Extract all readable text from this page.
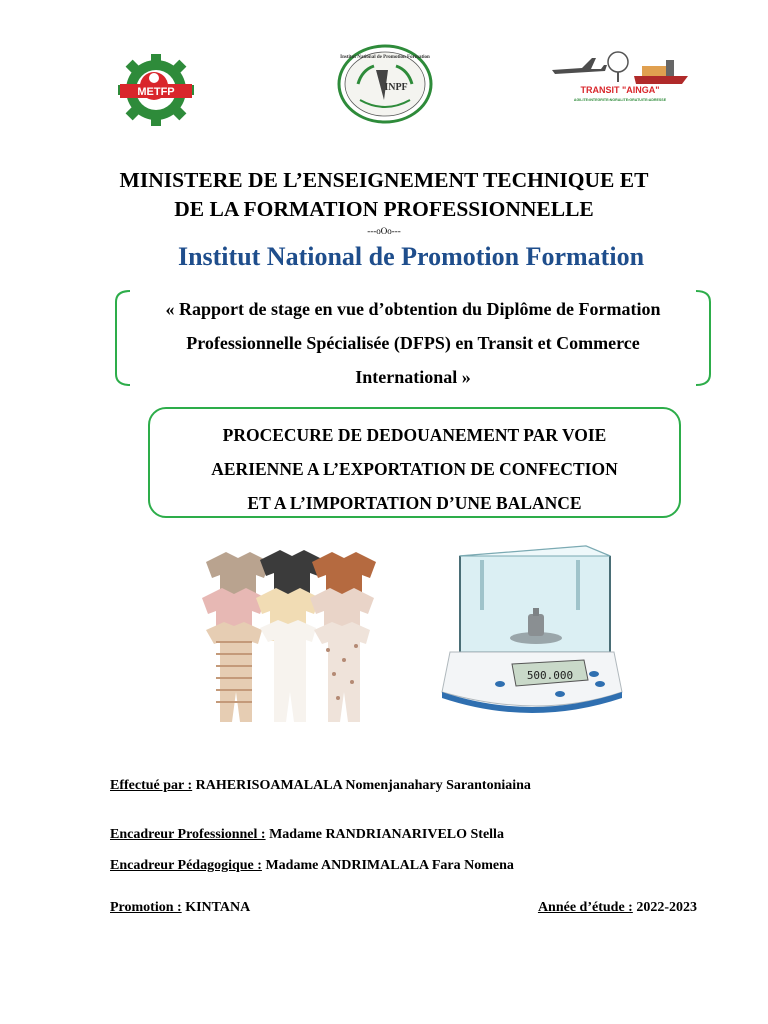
METFP
Institut National de Promotion Formation
INPF	TRANSIT "AINGA"
AGILITE•INTEGRITE•NORALITE•GRATUITE•ADRESSE
MINISTERE DE L’ENSEIGNEMENT TECHNIQUE ET
DE LA FORMATION PROFESSIONNELLE
---oOo---
Institut National de Promotion Formation
« Rapport de stage en vue d’obtention du Diplôme de Formation
Professionnelle Spécialisée (DFPS) en Transit et Commerce
International »
PROCECURE DE DEDOUANEMENT PAR VOIE
AERIENNE A L’EXPORTATION DE CONFECTION
ET A L’IMPORTATION D’UNE BALANCE
500.000
Effectué par : RAHERISOAMALALA Nomenjanahary Sarantoniaina
Encadreur Professionnel : Madame RANDRIANARIVELO Stella
Encadreur Pédagogique : Madame ANDRIMALALA Fara Nomena
Promotion : KINTANA	Année d’étude : 2022-2023
